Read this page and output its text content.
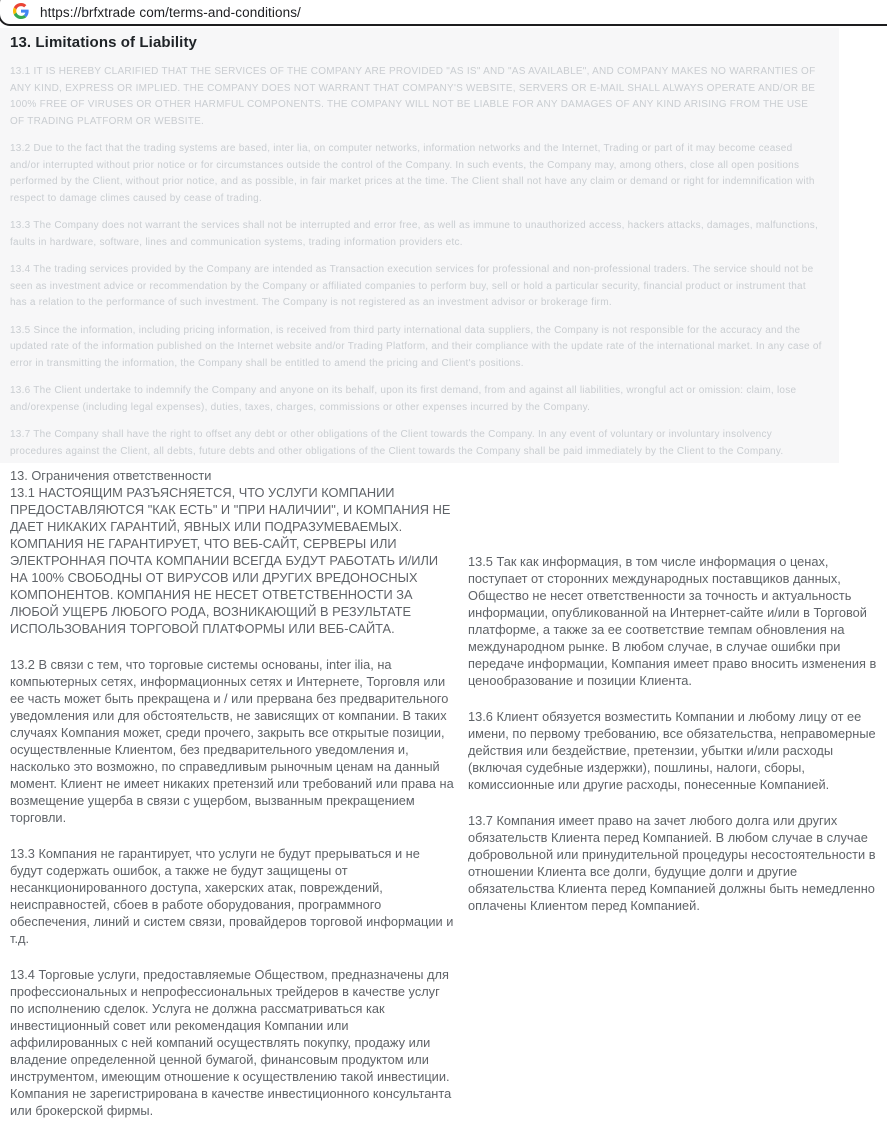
https://brfxtrade com/terms-and-conditions/
13. Limitations of Liability

13.1 IT IS HEREBY CLARIFIED THAT THE SERVICES OF THE COMPANY ARE PROVIDED "AS IS" AND "AS AVAILABLE", AND COMPANY MAKES NO WARRANTIES OF ANY KIND, EXPRESS OR IMPLIED. THE COMPANY DOES NOT WARRANT THAT COMPANY'S WEBSITE, SERVERS OR E-MAIL SHALL ALWAYS OPERATE AND/OR BE 100% FREE OF VIRUSES OR OTHER HARMFUL COMPONENTS. THE COMPANY WILL NOT BE LIABLE FOR ANY DAMAGES OF ANY KIND ARISING FROM THE USE OF TRADING PLATFORM OR WEBSITE.

13.2 Due to the fact that the trading systems are based, inter lia, on computer networks, information networks and the Internet, Trading or part of it may become ceased and/or interrupted without prior notice or for circumstances outside the control of the Company. In such events, the Company may, among others, close all open positions performed by the Client, without prior notice, and as possible, in fair market prices at the time. The Client shall not have any claim or demand or right for indemnification with respect to damage climes caused by cease of trading.

13.3 The Company does not warrant the services shall not be interrupted and error free, as well as immune to unauthorized access, hackers attacks, damages, malfunctions, faults in hardware, software, lines and communication systems, trading information providers etc.

13.4 The trading services provided by the Company are intended as Transaction execution services for professional and non-professional traders. The service should not be seen as investment advice or recommendation by the Company or affiliated companies to perform buy, sell or hold a particular security, financial product or instrument that has a relation to the performance of such investment. The Company is not registered as an investment advisor or brokerage firm.

13.5 Since the information, including pricing information, is received from third party international data suppliers, the Company is not responsible for the accuracy and the updated rate of the information published on the Internet website and/or Trading Platform, and their compliance with the update rate of the international market. In any case of error in transmitting the information, the Company shall be entitled to amend the pricing and Client's positions.

13.6 The Client undertake to indemnify the Company and anyone on its behalf, upon its first demand, from and against all liabilities, wrongful act or omission: claim, lose and/orexpense (including legal expenses), duties, taxes, charges, commissions or other expenses incurred by the Company.

13.7 The Company shall have the right to offset any debt or other obligations of the Client towards the Company. In any event of voluntary or involuntary insolvency procedures against the Client, all debts, future debts and other obligations of the Client towards the Company shall be paid immediately by the Client to the Company.

13. Ограничения ответственности

13.1 НАСТОЯЩИМ РАЗЪЯСНЯЕТСЯ, ЧТО УСЛУГИ КОМПАНИИ ПРЕДОСТАВЛЯЮТСЯ "КАК ЕСТЬ" И "ПРИ НАЛИЧИИ", И КОМПАНИЯ НЕ ДАЕТ НИКАКИХ ГАРАНТИЙ, ЯВНЫХ ИЛИ ПОДРАЗУМЕВАЕМЫХ. КОМПАНИЯ НЕ ГАРАНТИРУЕТ, ЧТО ВЕБ-САЙТ, СЕРВЕРЫ ИЛИ ЭЛЕКТРОННАЯ ПОЧТА КОМПАНИИ ВСЕГДА БУДУТ РАБОТАТЬ И/ИЛИ НА 100% СВОБОДНЫ ОТ ВИРУСОВ ИЛИ ДРУГИХ ВРЕДОНОСНЫХ КОМПОНЕНТОВ. КОМПАНИЯ НЕ НЕСЕТ ОТВЕТСТВЕННОСТИ ЗА ЛЮБОЙ УЩЕРБ ЛЮБОГО РОДА, ВОЗНИКАЮЩИЙ В РЕЗУЛЬТАТЕ ИСПОЛЬЗОВАНИЯ ТОРГОВОЙ ПЛАТФОРМЫ ИЛИ ВЕБ-САЙТА.

13.2 В связи с тем, что торговые системы основаны, inter ilia, на компьютерных сетях, информационных сетях и Интернете, Торговля или ее часть может быть прекращена и / или прервана без предварительного уведомления или для обстоятельств, не зависящих от компании. В таких случаях Компания может, среди прочего, закрыть все открытые позиции, осуществленные Клиентом, без предварительного уведомления и, насколько это возможно, по справедливым рыночным ценам на данный момент. Клиент не имеет никаких претензий или требований или права на возмещение ущерба в связи с ущербом, вызванным прекращением торговли.

13.3 Компания не гарантирует, что услуги не будут прерываться и не будут содержать ошибок, а также не будут защищены от несанкционированного доступа, хакерских атак, повреждений, неисправностей, сбоев в работе оборудования, программного обеспечения, линий и систем связи, провайдеров торговой информации и т.д.

13.4 Торговые услуги, предоставляемые Обществом, предназначены для профессиональных и непрофессиональных трейдеров в качестве услуг по исполнению сделок. Услуга не должна рассматриваться как инвестиционный совет или рекомендация Компании или аффилированных с ней компаний осуществлять покупку, продажу или владение определенной ценной бумагой, финансовым продуктом или инструментом, имеющим отношение к осуществлению такой инвестиции. Компания не зарегистрирована в качестве инвестиционного консультанта или брокерской фирмы.

13.5 Так как информация, в том числе информация о ценах, поступает от сторонних международных поставщиков данных, Общество не несет ответственности за точность и актуальность информации, опубликованной на Интернет-сайте и/или в Торговой платформе, а также за ее соответствие темпам обновления на международном рынке. В любом случае, в случае ошибки при передаче информации, Компания имеет право вносить изменения в ценообразование и позиции Клиента.

13.6 Клиент обязуется возместить Компании и любому лицу от ее имени, по первому требованию, все обязательства, неправомерные действия или бездействие, претензии, убытки и/или расходы (включая судебные издержки), пошлины, налоги, сборы, комиссионные или другие расходы, понесенные Компанией.

13.7 Компания имеет право на зачет любого долга или других обязательств Клиента перед Компанией. В любом случае в случае добровольной или принудительной процедуры несостоятельности в отношении Клиента все долги, будущие долги и другие обязательства Клиента перед Компанией должны быть немедленно оплачены Клиентом перед Компанией.
